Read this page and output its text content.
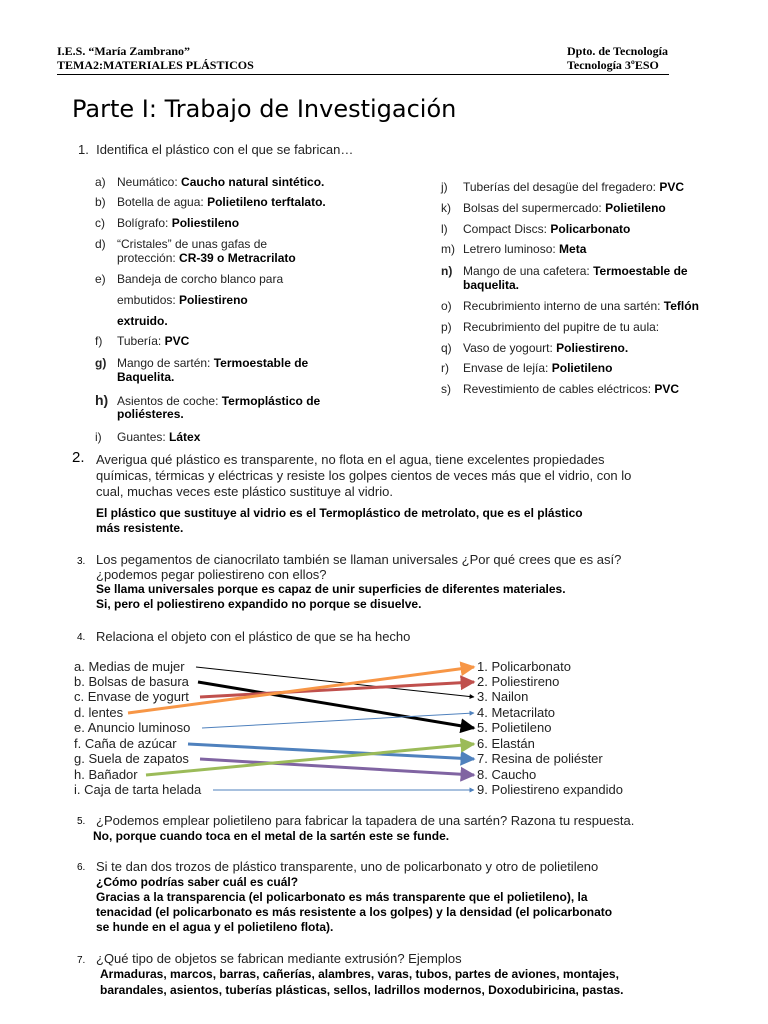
I.E.S. “María Zambrano”
TEMA2:MATERIALES PLÁSTICOS
Dpto. de Tecnología
Tecnología 3ºESO
Parte I: Trabajo de Investigación
1. Identifica el plástico con el que se fabrican…
a) Neumático: Caucho natural sintético.
b) Botella de agua: Polietileno terftalato.
c) Bolígrafo: Poliestileno
d) “Cristales” de unas gafas de
protección: CR-39 o Metracrilato
e) Bandeja de corcho blanco para
embutidos: Poliestireno
extruido.
f) Tubería: PVC
g) Mango de sartén: Termoestable de
Baquelita.
h) Asientos de coche: Termoplástico de
poliésteres.
i) Guantes: Látex
j) Tuberías del desagüe del fregadero: PVC
k) Bolsas del supermercado: Polietileno
l) Compact Discs: Policarbonato
m) Letrero luminoso: Meta
n) Mango de una cafetera: Termoestable de
baquelita.
o) Recubrimiento interno de una sartén: Teflón
p) Recubrimiento del pupitre de tu aula:
q) Vaso de yogourt: Poliestireno.
r) Envase de lejía: Polietileno
s) Revestimiento de cables eléctricos: PVC
2. Averigua qué plástico es transparente, no flota en el agua, tiene excelentes propiedades
químicas, térmicas y eléctricas y resiste los golpes cientos de veces más que el vidrio, con lo
cual, muchas veces este plástico sustituye al vidrio.
El plástico que sustituye al vidrio es el Termoplástico de metrolato, que es el plástico
más resistente.
3. Los pegamentos de cianocrilato también se llaman universales ¿Por qué crees que es así?
¿podemos pegar poliestireno con ellos?
Se llama universales porque es capaz de unir superficies de diferentes materiales.
Si, pero el poliestireno expandido no porque se disuelve.
4. Relaciona el objeto con el plástico de que se ha hecho
a. Medias de mujer
b. Bolsas de basura
c. Envase de yogurt
d. lentes
e. Anuncio luminoso
f. Caña de azúcar
g. Suela de zapatos
h. Bañador
i. Caja de tarta helada
1. Policarbonato
2. Poliestireno
3. Nailon
4. Metacrilato
5. Polietileno
6. Elastán
7. Resina de poliéster
8. Caucho
9. Poliestireno expandido
5. ¿Podemos emplear polietileno para fabricar la tapadera de una sartén? Razona tu respuesta.
No, porque cuando toca en el metal de la sartén este se funde.
6. Si te dan dos trozos de plástico transparente, uno de policarbonato y otro de polietileno
¿Cómo podrías saber cuál es cuál?
Gracias a la transparencia (el policarbonato es más transparente que el polietileno), la
tenacidad (el policarbonato es más resistente a los golpes) y la densidad (el policarbonato
se hunde en el agua y el polietileno flota).
7. ¿Qué tipo de objetos se fabrican mediante extrusión? Ejemplos
Armaduras, marcos, barras, cañerías, alambres, varas, tubos, partes de aviones, montajes,
barandales, asientos, tuberías plásticas, sellos, ladrillos modernos, Doxodubiricina, pastas.
